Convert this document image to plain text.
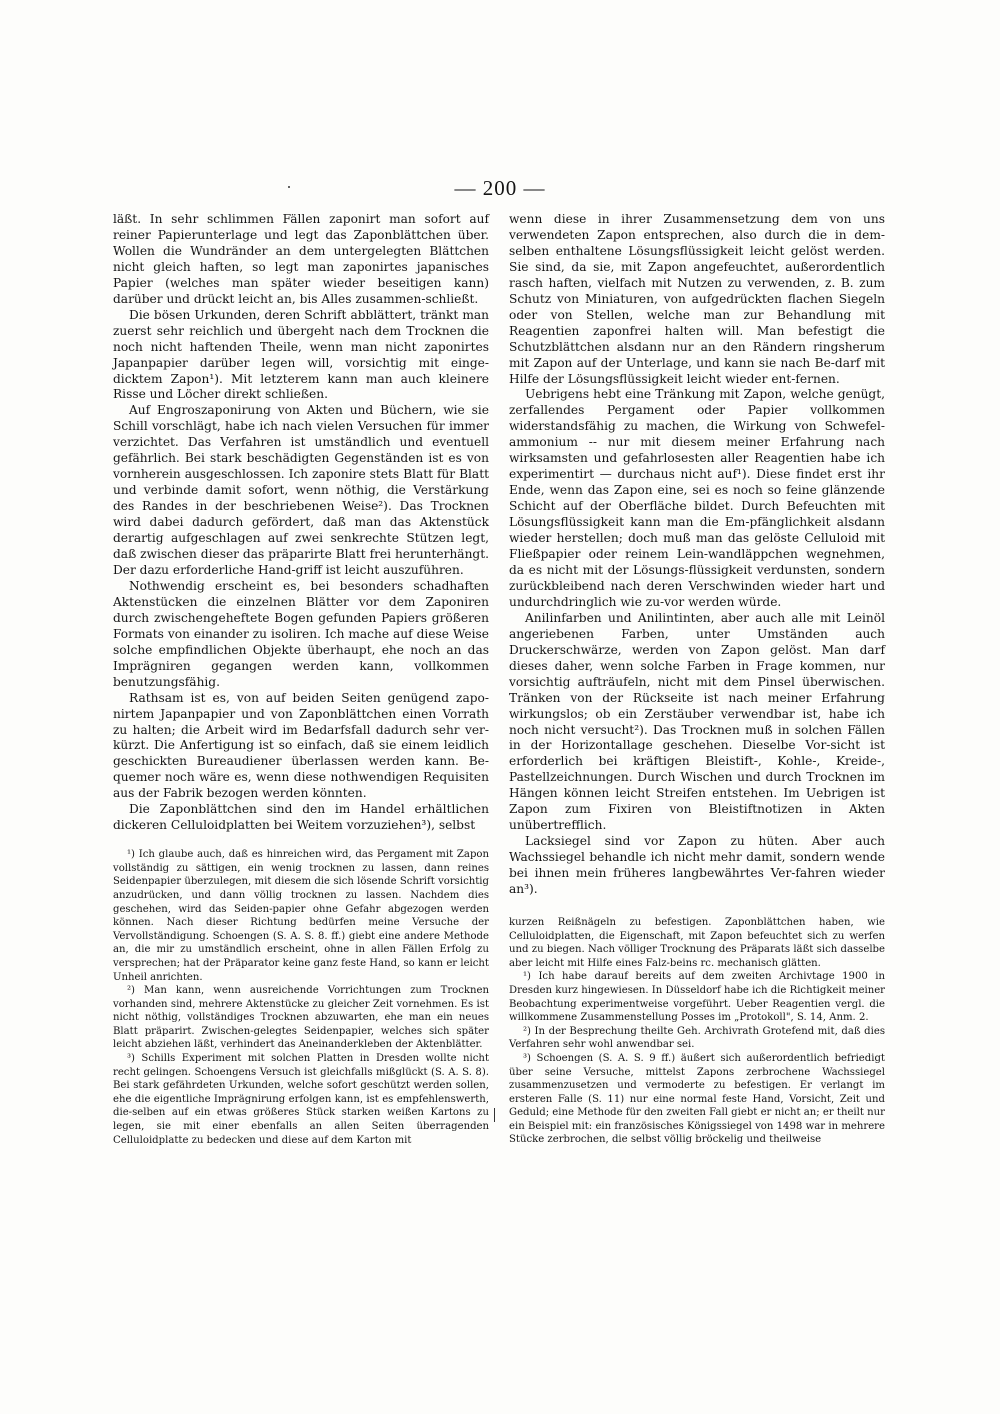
— 200 —

läßt. In sehr schlimmen Fällen zaponirt man sofort auf reiner Papierunterlage und legt das Zaponblättchen über. Wollen die Wundränder an dem untergelegten Blättchen nicht gleich haften, so legt man zaponirtes japanisches Papier (welches man später wieder beseitigen kann) darüber und drückt leicht an, bis Alles zusammen-schließt.

Die bösen Urkunden, deren Schrift abblättert, tränkt man zuerst sehr reichlich und übergeht nach dem Trocknen die noch nicht haftenden Theile, wenn man nicht zaponirtes Japanpapier darüber legen will, vorsichtig mit einge-dicktem Zapon¹). Mit letzterem kann man auch kleinere Risse und Löcher direkt schließen.

Auf Engroszaponirung von Akten und Büchern, wie sie Schill vorschlägt, habe ich nach vielen Versuchen für immer verzichtet. Das Verfahren ist umständlich und eventuell gefährlich. Bei stark beschädigten Gegenständen ist es von vornherein ausgeschlossen. Ich zaponire stets Blatt für Blatt und verbinde damit sofort, wenn nöthig, die Verstärkung des Randes in der beschriebenen Weise²). Das Trocknen wird dabei dadurch gefördert, daß man das Aktenstück derartig aufgeschlagen auf zwei senkrechte Stützen legt, daß zwischen dieser das präparirte Blatt frei herunterhängt. Der dazu erforderliche Hand-griff ist leicht auszuführen.

Nothwendig erscheint es, bei besonders schadhaften Aktenstücken die einzelnen Blätter vor dem Zaponiren durch zwischengeheftete Bogen gefunden Papiers größeren Formats von einander zu isoliren. Ich mache auf diese Weise solche empfindlichen Objekte überhaupt, ehe noch an das Imprägniren gegangen werden kann, vollkommen benutzungsfähig.

Rathsam ist es, von auf beiden Seiten genügend zapo-nirtem Japanpapier und von Zaponblättchen einen Vorrath zu halten; die Arbeit wird im Bedarfsfall dadurch sehr ver-kürzt. Die Anfertigung ist so einfach, daß sie einem leidlich geschickten Bureaudiener überlassen werden kann. Be-quemer noch wäre es, wenn diese nothwendigen Requisiten aus der Fabrik bezogen werden könnten.

Die Zaponblättchen sind den im Handel erhältlichen dickeren Celluloidplatten bei Weitem vorzuziehen³), selbst

¹) Ich glaube auch, daß es hinreichen wird, das Pergament mit Zapon vollständig zu sättigen, ein wenig trocknen zu lassen, dann reines Seidenpapier überzulegen, mit diesem die sich lösende Schrift vorsichtig anzudrücken, und dann völlig trocknen zu lassen. Nachdem dies geschehen, wird das Seiden-papier ohne Gefahr abgezogen werden können. Nach dieser Richtung bedürfen meine Versuche der Vervollständigung. Schoengen (S. A. S. 8. ff.) giebt eine andere Methode an, die mir zu umständlich erscheint, ohne in allen Fällen Erfolg zu versprechen; hat der Präparator keine ganz feste Hand, so kann er leicht Unheil anrichten.

²) Man kann, wenn ausreichende Vorrichtungen zum Trocknen vorhanden sind, mehrere Aktenstücke zu gleicher Zeit vornehmen. Es ist nicht nöthig, vollständiges Trocknen abzuwarten, ehe man ein neues Blatt präparirt. Zwischen-gelegtes Seidenpapier, welches sich später leicht abziehen läßt, verhindert das Aneinanderkleben der Aktenblätter.

³) Schills Experiment mit solchen Platten in Dresden wollte nicht recht gelingen. Schoengens Versuch ist gleichfalls mißglückt (S. A. S. 8). Bei stark gefährdeten Urkunden, welche sofort geschützt werden sollen, ehe die eigentliche Imprägnirung erfolgen kann, ist es empfehlenswerth, die-selben auf ein etwas größeres Stück starken weißen Kartons zu legen, sie mit einer ebenfalls an allen Seiten überragenden Celluloidplatte zu bedecken und diese auf dem Karton mit

wenn diese in ihrer Zusammensetzung dem von uns verwendeten Zapon entsprechen, also durch die in dem-selben enthaltene Lösungsflüssigkeit leicht gelöst werden. Sie sind, da sie, mit Zapon angefeuchtet, außerordentlich rasch haften, vielfach mit Nutzen zu verwenden, z. B. zum Schutz von Miniaturen, von aufgedrückten flachen Siegeln oder von Stellen, welche man zur Behandlung mit Reagentien zaponfrei halten will. Man befestigt die Schutzblättchen alsdann nur an den Rändern ringsherum mit Zapon auf der Unterlage, und kann sie nach Be-darf mit Hilfe der Lösungsflüssigkeit leicht wieder ent-fernen.

Uebrigens hebt eine Tränkung mit Zapon, welche genügt, zerfallendes Pergament oder Papier vollkommen widerstandsfähig zu machen, die Wirkung von Schwefel-ammonium -- nur mit diesem meiner Erfahrung nach wirksamsten und gefahrlosesten aller Reagentien habe ich experimentirt — durchaus nicht auf¹). Diese findet erst ihr Ende, wenn das Zapon eine, sei es noch so feine glänzende Schicht auf der Oberfläche bildet. Durch Befeuchten mit Lösungsflüssigkeit kann man die Em-pfänglichkeit alsdann wieder herstellen; doch muß man das gelöste Celluloid mit Fließpapier oder reinem Lein-wandläppchen wegnehmen, da es nicht mit der Lösungs-flüssigkeit verdunsten, sondern zurückbleibend nach deren Verschwinden wieder hart und undurchdringlich wie zu-vor werden würde.

Anilinfarben und Anilintinten, aber auch alle mit Leinöl angeriebenen Farben, unter Umständen auch Druckerschwärze, werden von Zapon gelöst. Man darf dieses daher, wenn solche Farben in Frage kommen, nur vorsichtig aufträufeln, nicht mit dem Pinsel überwischen. Tränken von der Rückseite ist nach meiner Erfahrung wirkungslos; ob ein Zerstäuber verwendbar ist, habe ich noch nicht versucht²). Das Trocknen muß in solchen Fällen in der Horizontallage geschehen. Dieselbe Vor-sicht ist erforderlich bei kräftigen Bleistift-, Kohle-, Kreide-, Pastellzeichnungen. Durch Wischen und durch Trocknen im Hängen können leicht Streifen entstehen. Im Uebrigen ist Zapon zum Fixiren von Bleistiftnotizen in Akten unübertrefflich.

Lacksiegel sind vor Zapon zu hüten. Aber auch Wachssiegel behandle ich nicht mehr damit, sondern wende bei ihnen mein früheres langbewährtes Ver-fahren wieder an³).

kurzen Reißnägeln zu befestigen. Zaponblättchen haben, wie Celluloidplatten, die Eigenschaft, mit Zapon befeuchtet sich zu werfen und zu biegen. Nach völliger Trocknung des Präparats läßt sich dasselbe aber leicht mit Hilfe eines Falz-beins rc. mechanisch glätten.

¹) Ich habe darauf bereits auf dem zweiten Archivtage 1900 in Dresden kurz hingewiesen. In Düsseldorf habe ich die Richtigkeit meiner Beobachtung experimentweise vorgeführt. Ueber Reagentien vergl. die willkommene Zusammenstellung Posses im „Protokoll", S. 14, Anm. 2.

²) In der Besprechung theilte Geh. Archivrath Grotefend mit, daß dies Verfahren sehr wohl anwendbar sei.

³) Schoengen (S. A. S. 9 ff.) äußert sich außerordentlich befriedigt über seine Versuche, mittelst Zapons zerbrochene Wachssiegel zusammenzusetzen und vermoderte zu befestigen. Er verlangt im ersteren Falle (S. 11) nur eine normal feste Hand, Vorsicht, Zeit und Geduld; eine Methode für den zweiten Fall giebt er nicht an; er theilt nur ein Beispiel mit: ein französisches Königssiegel von 1498 war in mehrere Stücke zerbrochen, die selbst völlig bröckelig und theilweise
